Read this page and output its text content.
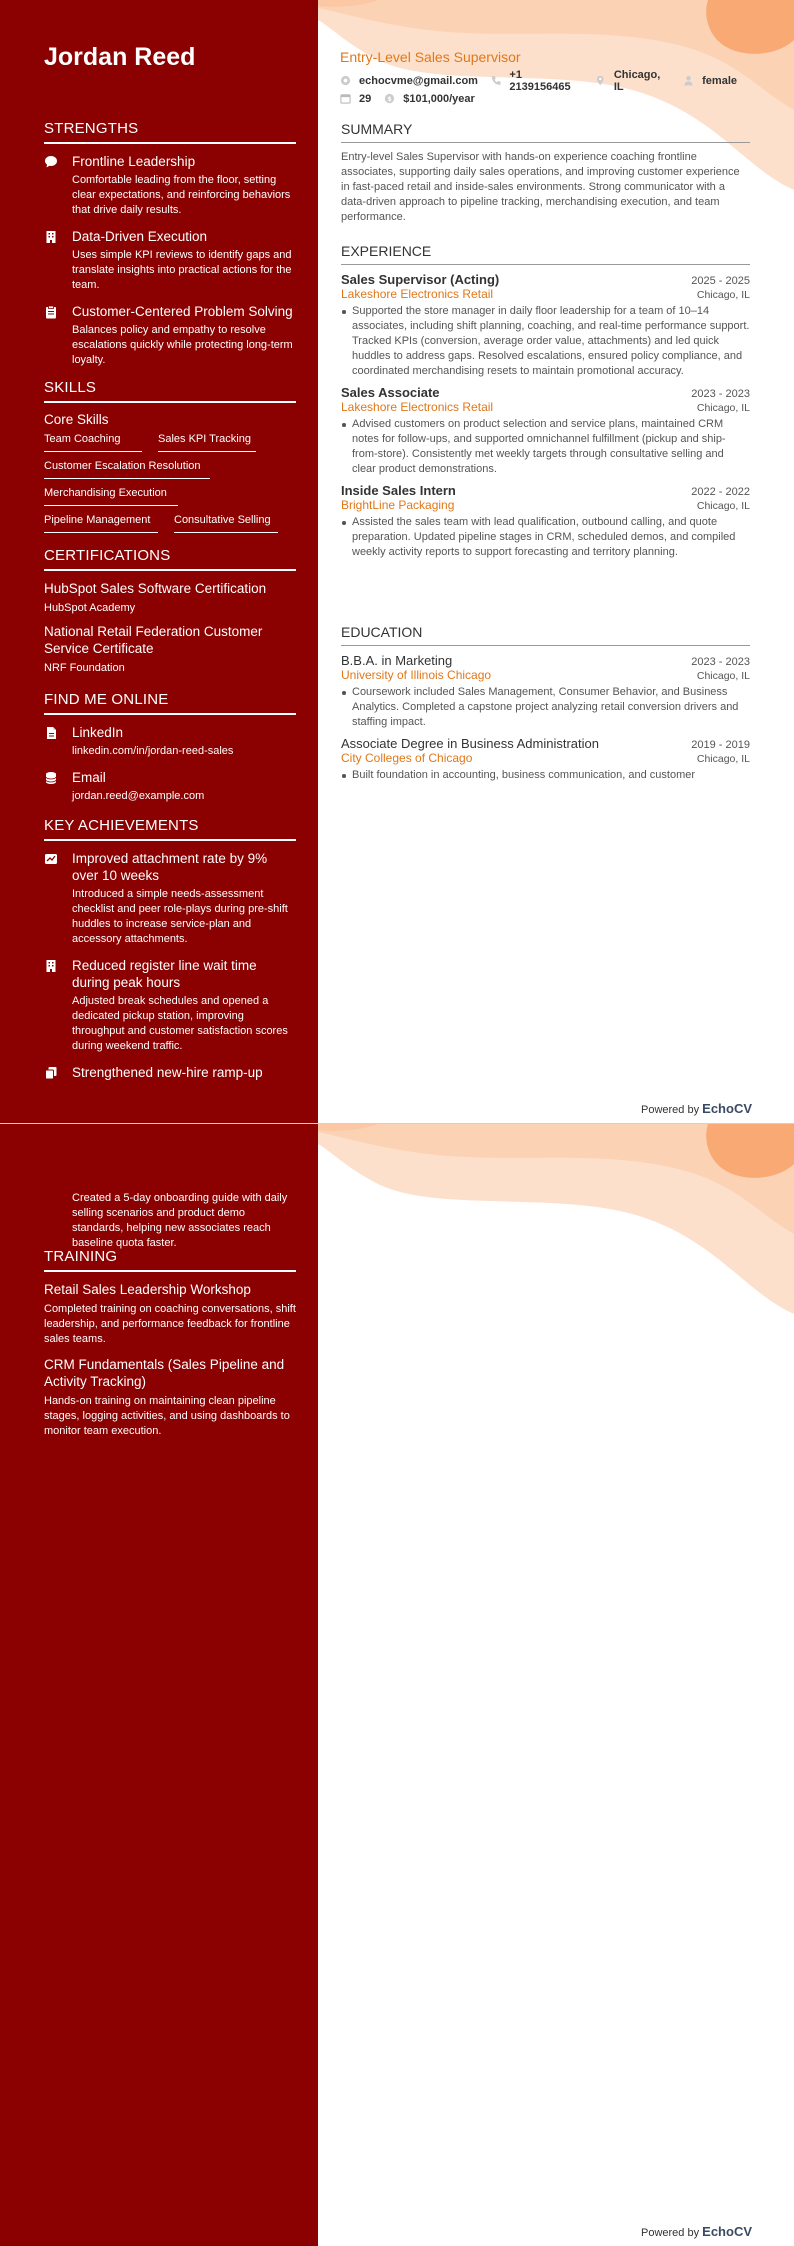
Jordan Reed
STRENGTHS
Frontline Leadership
Comfortable leading from the floor, setting clear expectations, and reinforcing behaviors that drive daily results.
Data-Driven Execution
Uses simple KPI reviews to identify gaps and translate insights into practical actions for the team.
Customer-Centered Problem Solving
Balances policy and empathy to resolve escalations quickly while protecting long-term loyalty.
SKILLS
Core Skills
Team Coaching	Sales KPI Tracking
Customer Escalation Resolution
Merchandising Execution
Pipeline Management	Consultative Selling
CERTIFICATIONS
HubSpot Sales Software Certification
HubSpot Academy
National Retail Federation Customer Service Certificate
NRF Foundation
FIND ME ONLINE
LinkedIn
linkedin.com/in/jordan-reed-sales
Email
jordan.reed@example.com
KEY ACHIEVEMENTS
Improved attachment rate by 9% over 10 weeks
Introduced a simple needs-assessment checklist and peer role-plays during pre-shift huddles to increase service-plan and accessory attachments.
Reduced register line wait time during peak hours
Adjusted break schedules and opened a dedicated pickup station, improving throughput and customer satisfaction scores during weekend traffic.
Strengthened new-hire ramp-up
Entry-Level Sales Supervisor
echocvme@gmail.com	+1 2139156465
Chicago, IL	female
29 $ $101,000/year
SUMMARY
Entry-level Sales Supervisor with hands-on experience coaching frontline associates, supporting daily sales operations, and improving customer experience in fast-paced retail and inside-sales environments. Strong communicator with a data-driven approach to pipeline tracking, merchandising execution, and team performance.
EXPERIENCE
Sales Supervisor (Acting)	2025 - 2025
Lakeshore Electronics Retail	Chicago, IL
Supported the store manager in daily floor leadership for a team of 10–14 associates, including shift planning, coaching, and real-time performance support. Tracked KPIs (conversion, average order value, attachments) and led quick huddles to address gaps. Resolved escalations, ensured policy compliance, and coordinated merchandising resets to maintain promotional accuracy.
Sales Associate	2023 - 2023
Lakeshore Electronics Retail	Chicago, IL
Advised customers on product selection and service plans, maintained CRM notes for follow-ups, and supported omnichannel fulfillment (pickup and ship-from-store). Consistently met weekly targets through consultative selling and clear product demonstrations.
Inside Sales Intern	2022 - 2022
BrightLine Packaging	Chicago, IL
Assisted the sales team with lead qualification, outbound calling, and quote preparation. Updated pipeline stages in CRM, scheduled demos, and compiled weekly activity reports to support forecasting and territory planning.
EDUCATION
B.B.A. in Marketing	2023 - 2023
University of Illinois Chicago	Chicago, IL
Coursework included Sales Management, Consumer Behavior, and Business Analytics. Completed a capstone project analyzing retail conversion drivers and staffing impact.
Associate Degree in Business Administration	2019 - 2019
City Colleges of Chicago	Chicago, IL
Built foundation in accounting, business communication, and customer
Powered by EchoCV
Created a 5-day onboarding guide with daily selling scenarios and product demo standards, helping new associates reach baseline quota faster.
TRAINING
Retail Sales Leadership Workshop
Completed training on coaching conversations, shift leadership, and performance feedback for frontline sales teams.
CRM Fundamentals (Sales Pipeline and Activity Tracking)
Hands-on training on maintaining clean pipeline stages, logging activities, and using dashboards to monitor team execution.
Powered by EchoCV
